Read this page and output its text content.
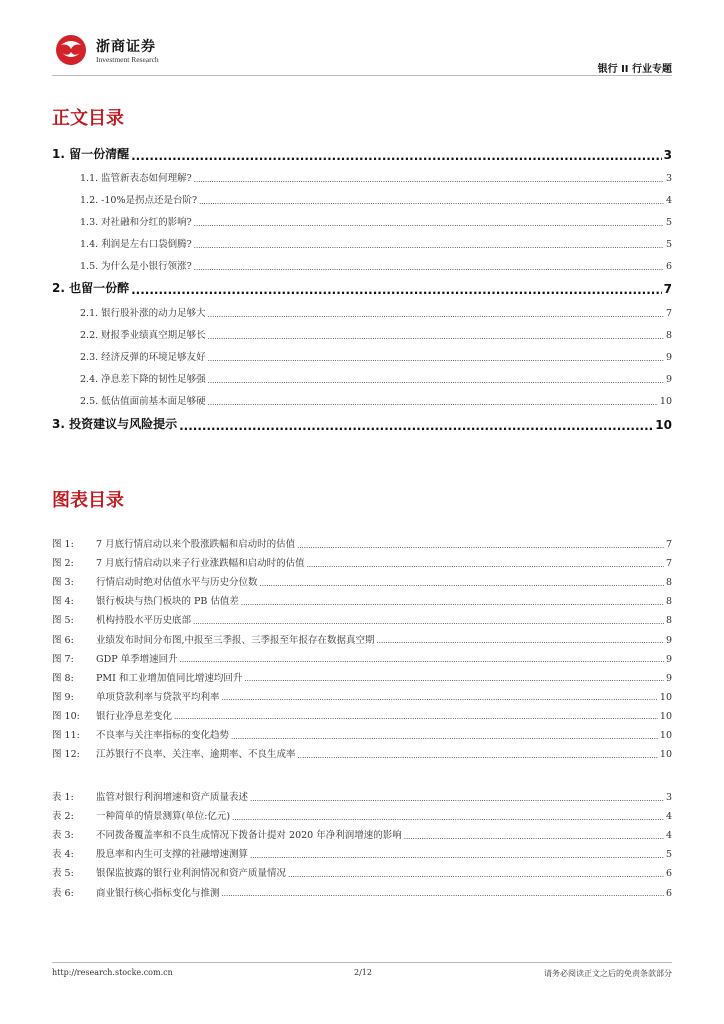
浙商证券
Investment Research
银行 II 行业专题
正文目录
1. 留一份清醒 .....	3
1.1. 监管新表态如何理解? .....	3
1.2. -10%是拐点还是台阶? .....	4
1.3. 对社融和分红的影响? .....	5
1.4. 利润是左右口袋倒腾? .....	5
1.5. 为什么是小银行领涨? .....	6
2. 也留一份醉 .....	7
2.1. 银行股补涨的动力足够大 .....	7
2.2. 财报季业绩真空期足够长 .....	8
2.3. 经济反弹的环境足够友好 .....	9
2.4. 净息差下降的韧性足够强 .....	9
2.5. 低估值面前基本面足够硬 .....	10
3. 投资建议与风险提示 .....	10
图表目录
图 1: 7 月底行情启动以来个股涨跌幅和启动时的估值 .....	7
图 2: 7 月底行情启动以来子行业涨跌幅和启动时的估值 .....	7
图 3: 行情启动时绝对估值水平与历史分位数 .....	8
图 4: 银行板块与热门板块的 PB 估值差 .....	8
图 5: 机构持股水平历史底部 .....	8
图 6: 业绩发布时间分布图,中报至三季报、三季报至年报存在数据真空期 .....	9
图 7: GDP 单季增速回升 .....	9
图 8: PMI 和工业增加值同比增速均回升 .....	9
图 9: 单项贷款利率与贷款平均利率 .....	10
图 10: 银行业净息差变化 .....	10
图 11: 不良率与关注率指标的变化趋势 .....	10
图 12: 江苏银行不良率、关注率、逾期率、不良生成率 .....	10
表 1: 监管对银行利润增速和资产质量表述 .....	3
表 2: 一种简单的情景测算(单位:亿元) .....	4
表 3: 不同拨备覆盖率和不良生成情况下拨备计提对 2020 年净利润增速的影响 .....	4
表 4: 股息率和内生可支撑的社融增速测算 .....	5
表 5: 银保监披露的银行业利润情况和资产质量情况 .....	6
表 6: 商业银行核心指标变化与推测 .....	6
http://research.stocke.com.cn	2/12	请务必阅读正文之后的免责条款部分
